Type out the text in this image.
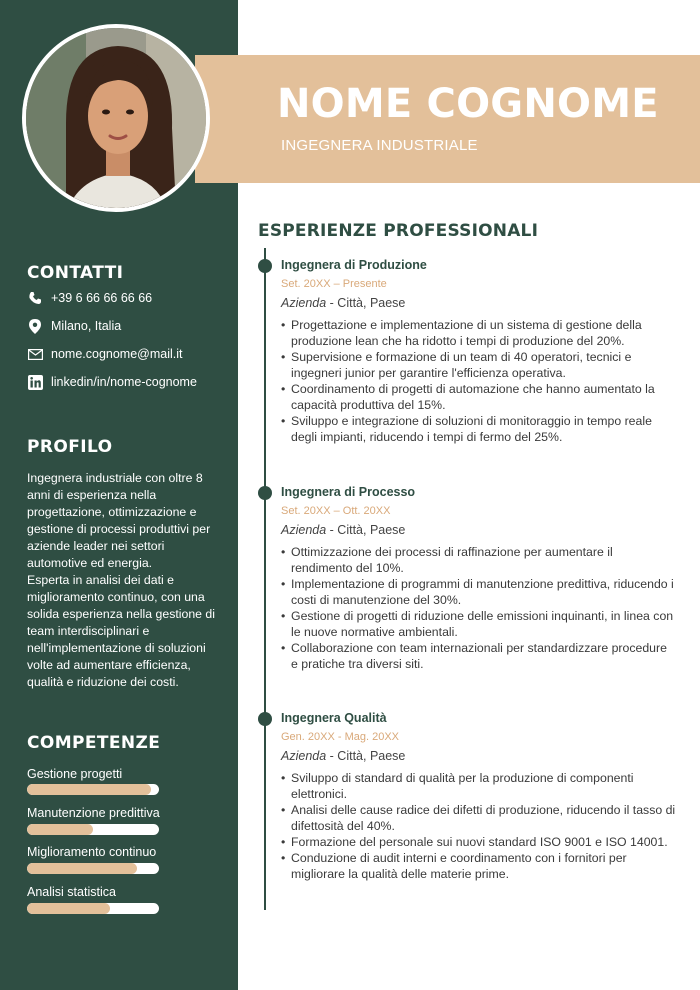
NOME COGNOME
INGEGNERA INDUSTRIALE
CONTATTI
+39 6 66 66 66 66
Milano, Italia
nome.cognome@mail.it
linkedin/in/nome-cognome
PROFILO

Ingegnera industriale con oltre 8 anni di esperienza nella progettazione, ottimizzazione e gestione di processi produttivi per aziende leader nei settori automotive ed energia.

Esperta in analisi dei dati e miglioramento continuo, con una solida esperienza nella gestione di team interdisciplinari e nell'implementazione di soluzioni volte ad aumentare efficienza, qualità e riduzione dei costi.

COMPETENZE
Gestione progetti
Manutenzione predittiva
Miglioramento continuo
Analisi statistica
ESPERIENZE PROFESSIONALI
Ingegnera di Produzione
Set. 20XX – Presente
Azienda - Città, Paese
• Progettazione e implementazione di un sistema di gestione della produzione lean che ha ridotto i tempi di produzione del 20%.
• Supervisione e formazione di un team di 40 operatori, tecnici e ingegneri junior per garantire l'efficienza operativa.
• Coordinamento di progetti di automazione che hanno aumentato la capacità produttiva del 15%.
• Sviluppo e integrazione di soluzioni di monitoraggio in tempo reale degli impianti, riducendo i tempi di fermo del 25%.
Ingegnera di Processo
Set. 20XX – Ott. 20XX
Azienda - Città, Paese
• Ottimizzazione dei processi di raffinazione per aumentare il rendimento del 10%.
• Implementazione di programmi di manutenzione predittiva, riducendo i costi di manutenzione del 30%.
• Gestione di progetti di riduzione delle emissioni inquinanti, in linea con le nuove normative ambientali.
• Collaborazione con team internazionali per standardizzare procedure e pratiche tra diversi siti.
Ingegnera Qualità
Gen. 20XX - Mag. 20XX
Azienda - Città, Paese
• Sviluppo di standard di qualità per la produzione di componenti elettronici.
• Analisi delle cause radice dei difetti di produzione, riducendo il tasso di difettosità del 40%.
• Formazione del personale sui nuovi standard ISO 9001 e ISO 14001.
• Conduzione di audit interni e coordinamento con i fornitori per migliorare la qualità delle materie prime.
